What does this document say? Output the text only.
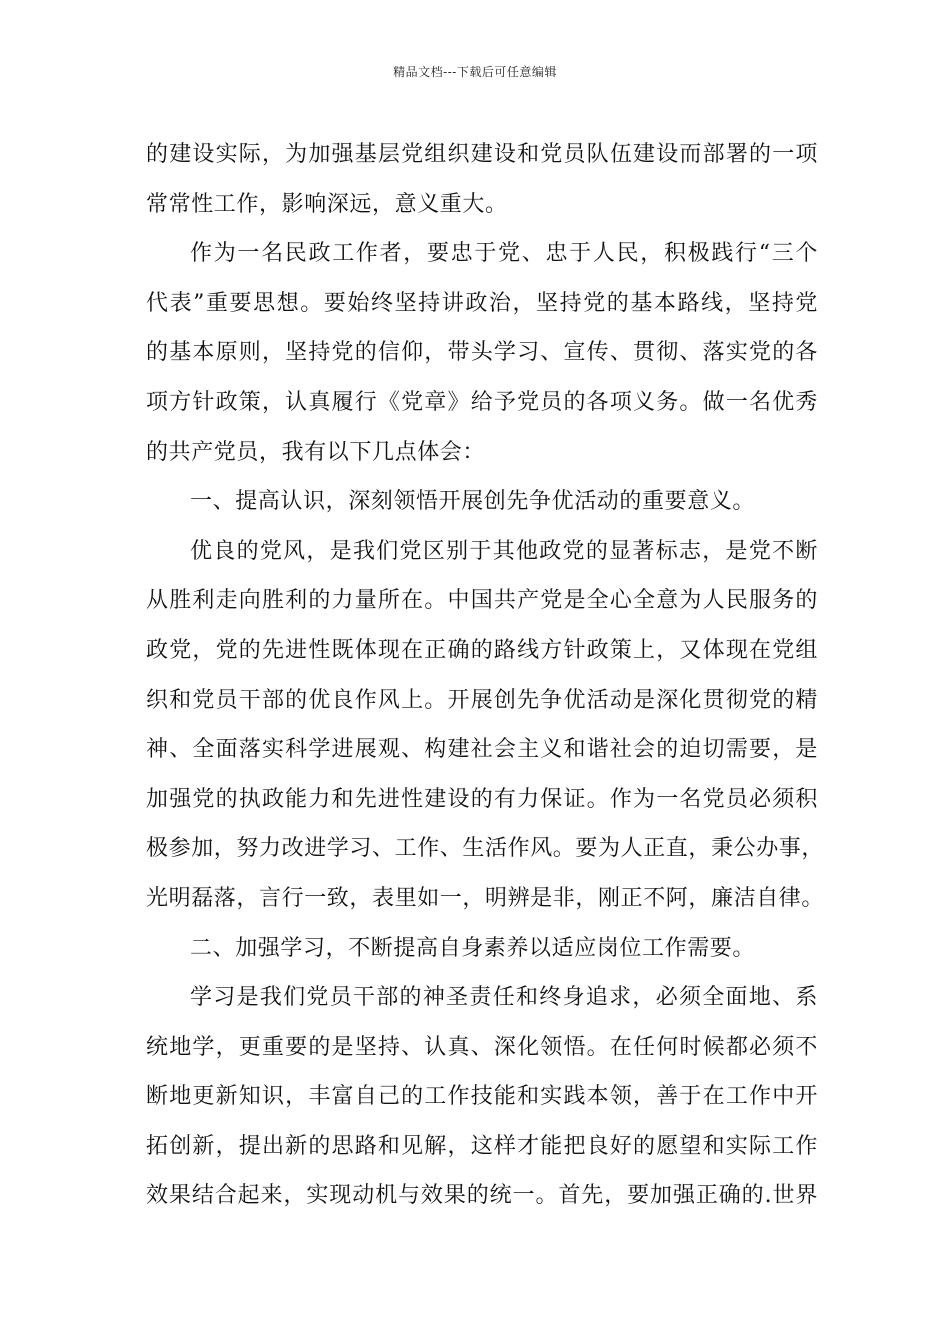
精品文档---下载后可任意编辑
的建设实际，为加强基层党组织建设和党员队伍建设而部署的一项
常常性工作，影响深远，意义重大。
作为一名民政工作者，要忠于党、忠于人民，积极践行“三个
代表”重要思想。要始终坚持讲政治，坚持党的基本路线，坚持党
的基本原则，坚持党的信仰，带头学习、宣传、贯彻、落实党的各
项方针政策，认真履行《党章》给予党员的各项义务。做一名优秀
的共产党员，我有以下几点体会：
一、提高认识，深刻领悟开展创先争优活动的重要意义。
优良的党风，是我们党区别于其他政党的显著标志，是党不断
从胜利走向胜利的力量所在。中国共产党是全心全意为人民服务的
政党，党的先进性既体现在正确的路线方针政策上，又体现在党组
织和党员干部的优良作风上。开展创先争优活动是深化贯彻党的精
神、全面落实科学进展观、构建社会主义和谐社会的迫切需要，是
加强党的执政能力和先进性建设的有力保证。作为一名党员必须积
极参加，努力改进学习、工作、生活作风。要为人正直，秉公办事，
光明磊落，言行一致，表里如一，明辨是非，刚正不阿，廉洁自律。
二、加强学习，不断提高自身素养以适应岗位工作需要。
学习是我们党员干部的神圣责任和终身追求，必须全面地、系
统地学，更重要的是坚持、认真、深化领悟。在任何时候都必须不
断地更新知识，丰富自己的工作技能和实践本领，善于在工作中开
拓创新，提出新的思路和见解，这样才能把良好的愿望和实际工作
效果结合起来，实现动机与效果的统一。首先，要加强正确的.世界
